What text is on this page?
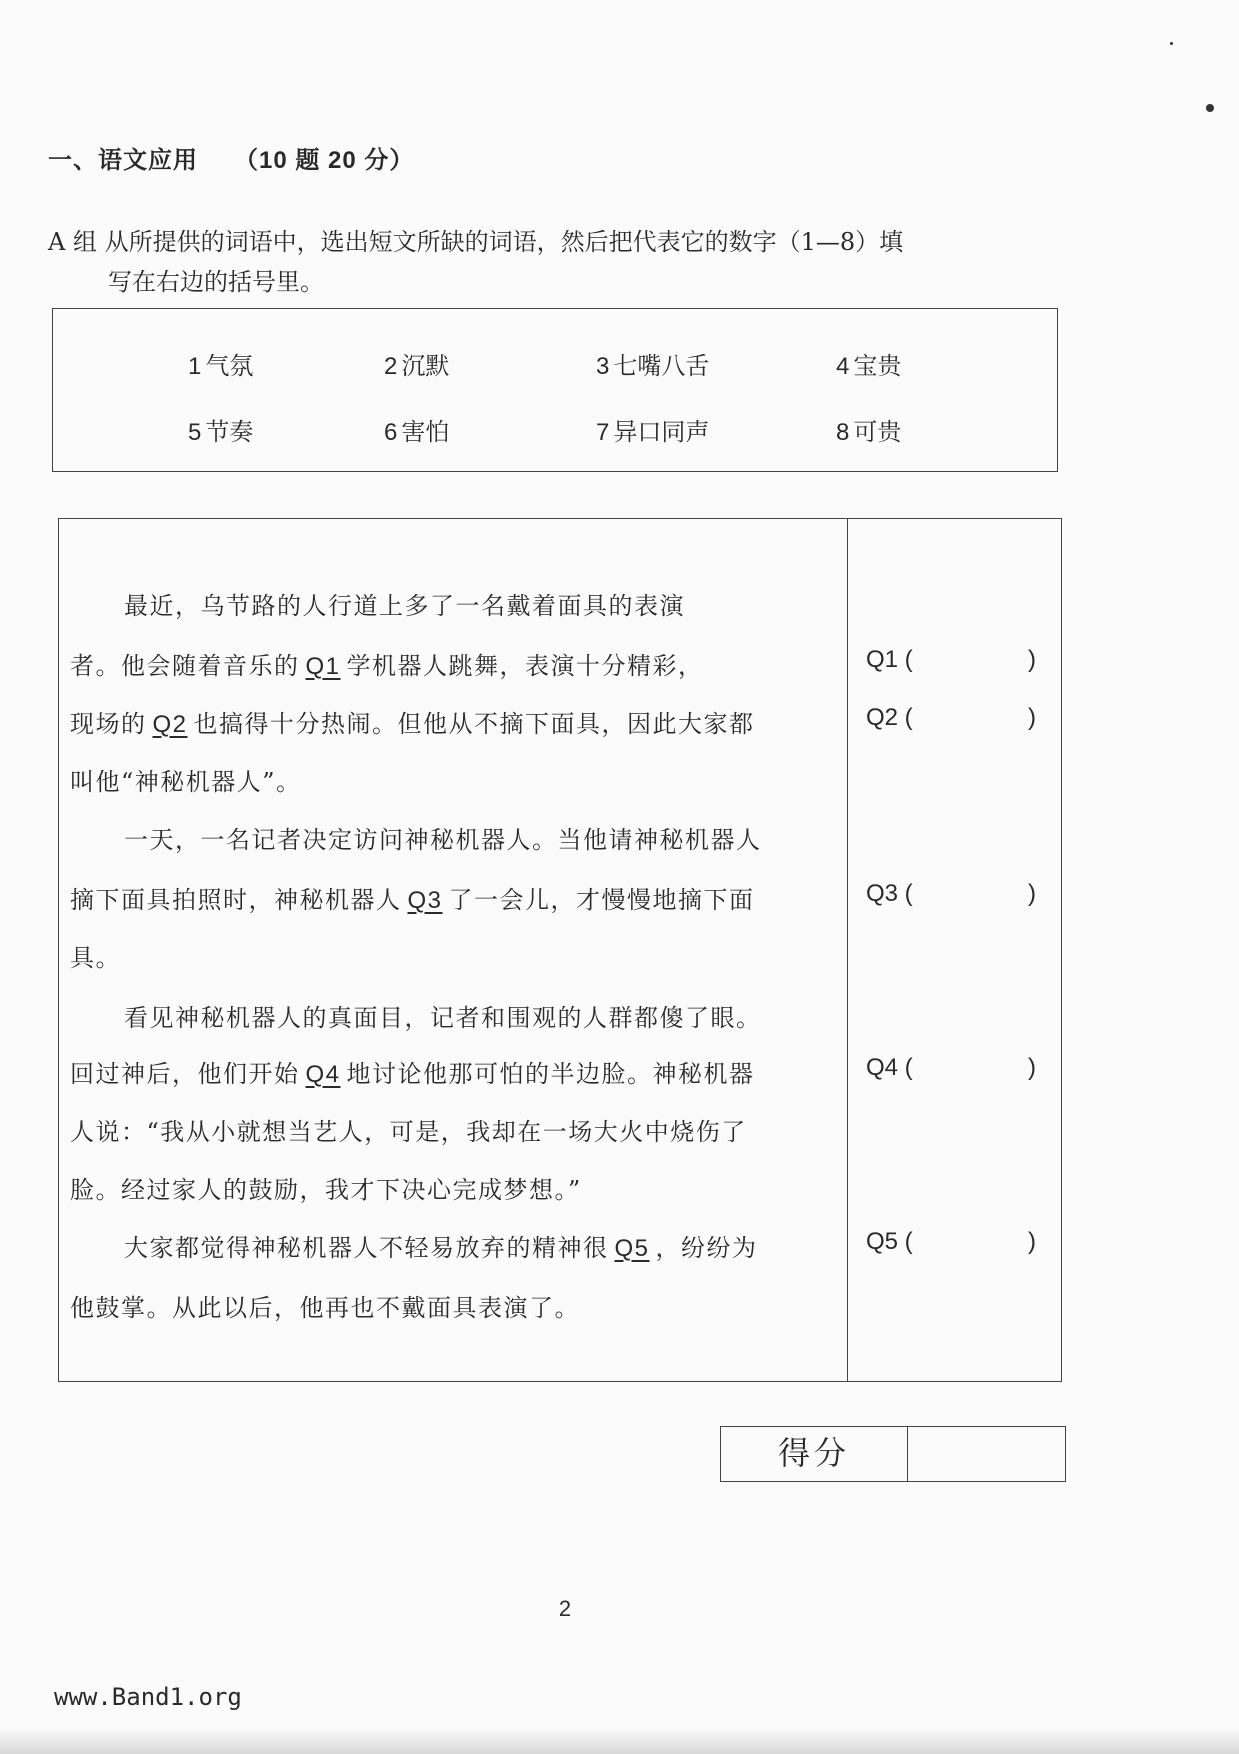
一、语文应用 （10 题 20 分）
A 组 从所提供的词语中，选出短文所缺的词语，然后把代表它的数字（1—8）填
写在右边的括号里。
1 气氛	2 沉默	3 七嘴八舌	4 宝贵
5 节奏	6 害怕	7 异口同声	8 可贵
最近，乌节路的人行道上多了一名戴着面具的表演
者。他会随着音乐的 Q1 学机器人跳舞，表演十分精彩，
现场的 Q2 也搞得十分热闹。但他从不摘下面具，因此大家都
叫他“神秘机器人”。
一天，一名记者决定访问神秘机器人。当他请神秘机器人
摘下面具拍照时，神秘机器人 Q3 了一会儿，才慢慢地摘下面
具。
看见神秘机器人的真面目，记者和围观的人群都傻了眼。
回过神后，他们开始 Q4 地讨论他那可怕的半边脸。神秘机器
人说：“我从小就想当艺人，可是，我却在一场大火中烧伤了
脸。经过家人的鼓励，我才下决心完成梦想。”
大家都觉得神秘机器人不轻易放弃的精神很 Q5 ，纷纷为
他鼓掌。从此以后，他再也不戴面具表演了。
Q1 (	)
Q2 (	)
Q3 (	)
Q4 (	)
Q5 (	)
得分
2
www.Band1.org
